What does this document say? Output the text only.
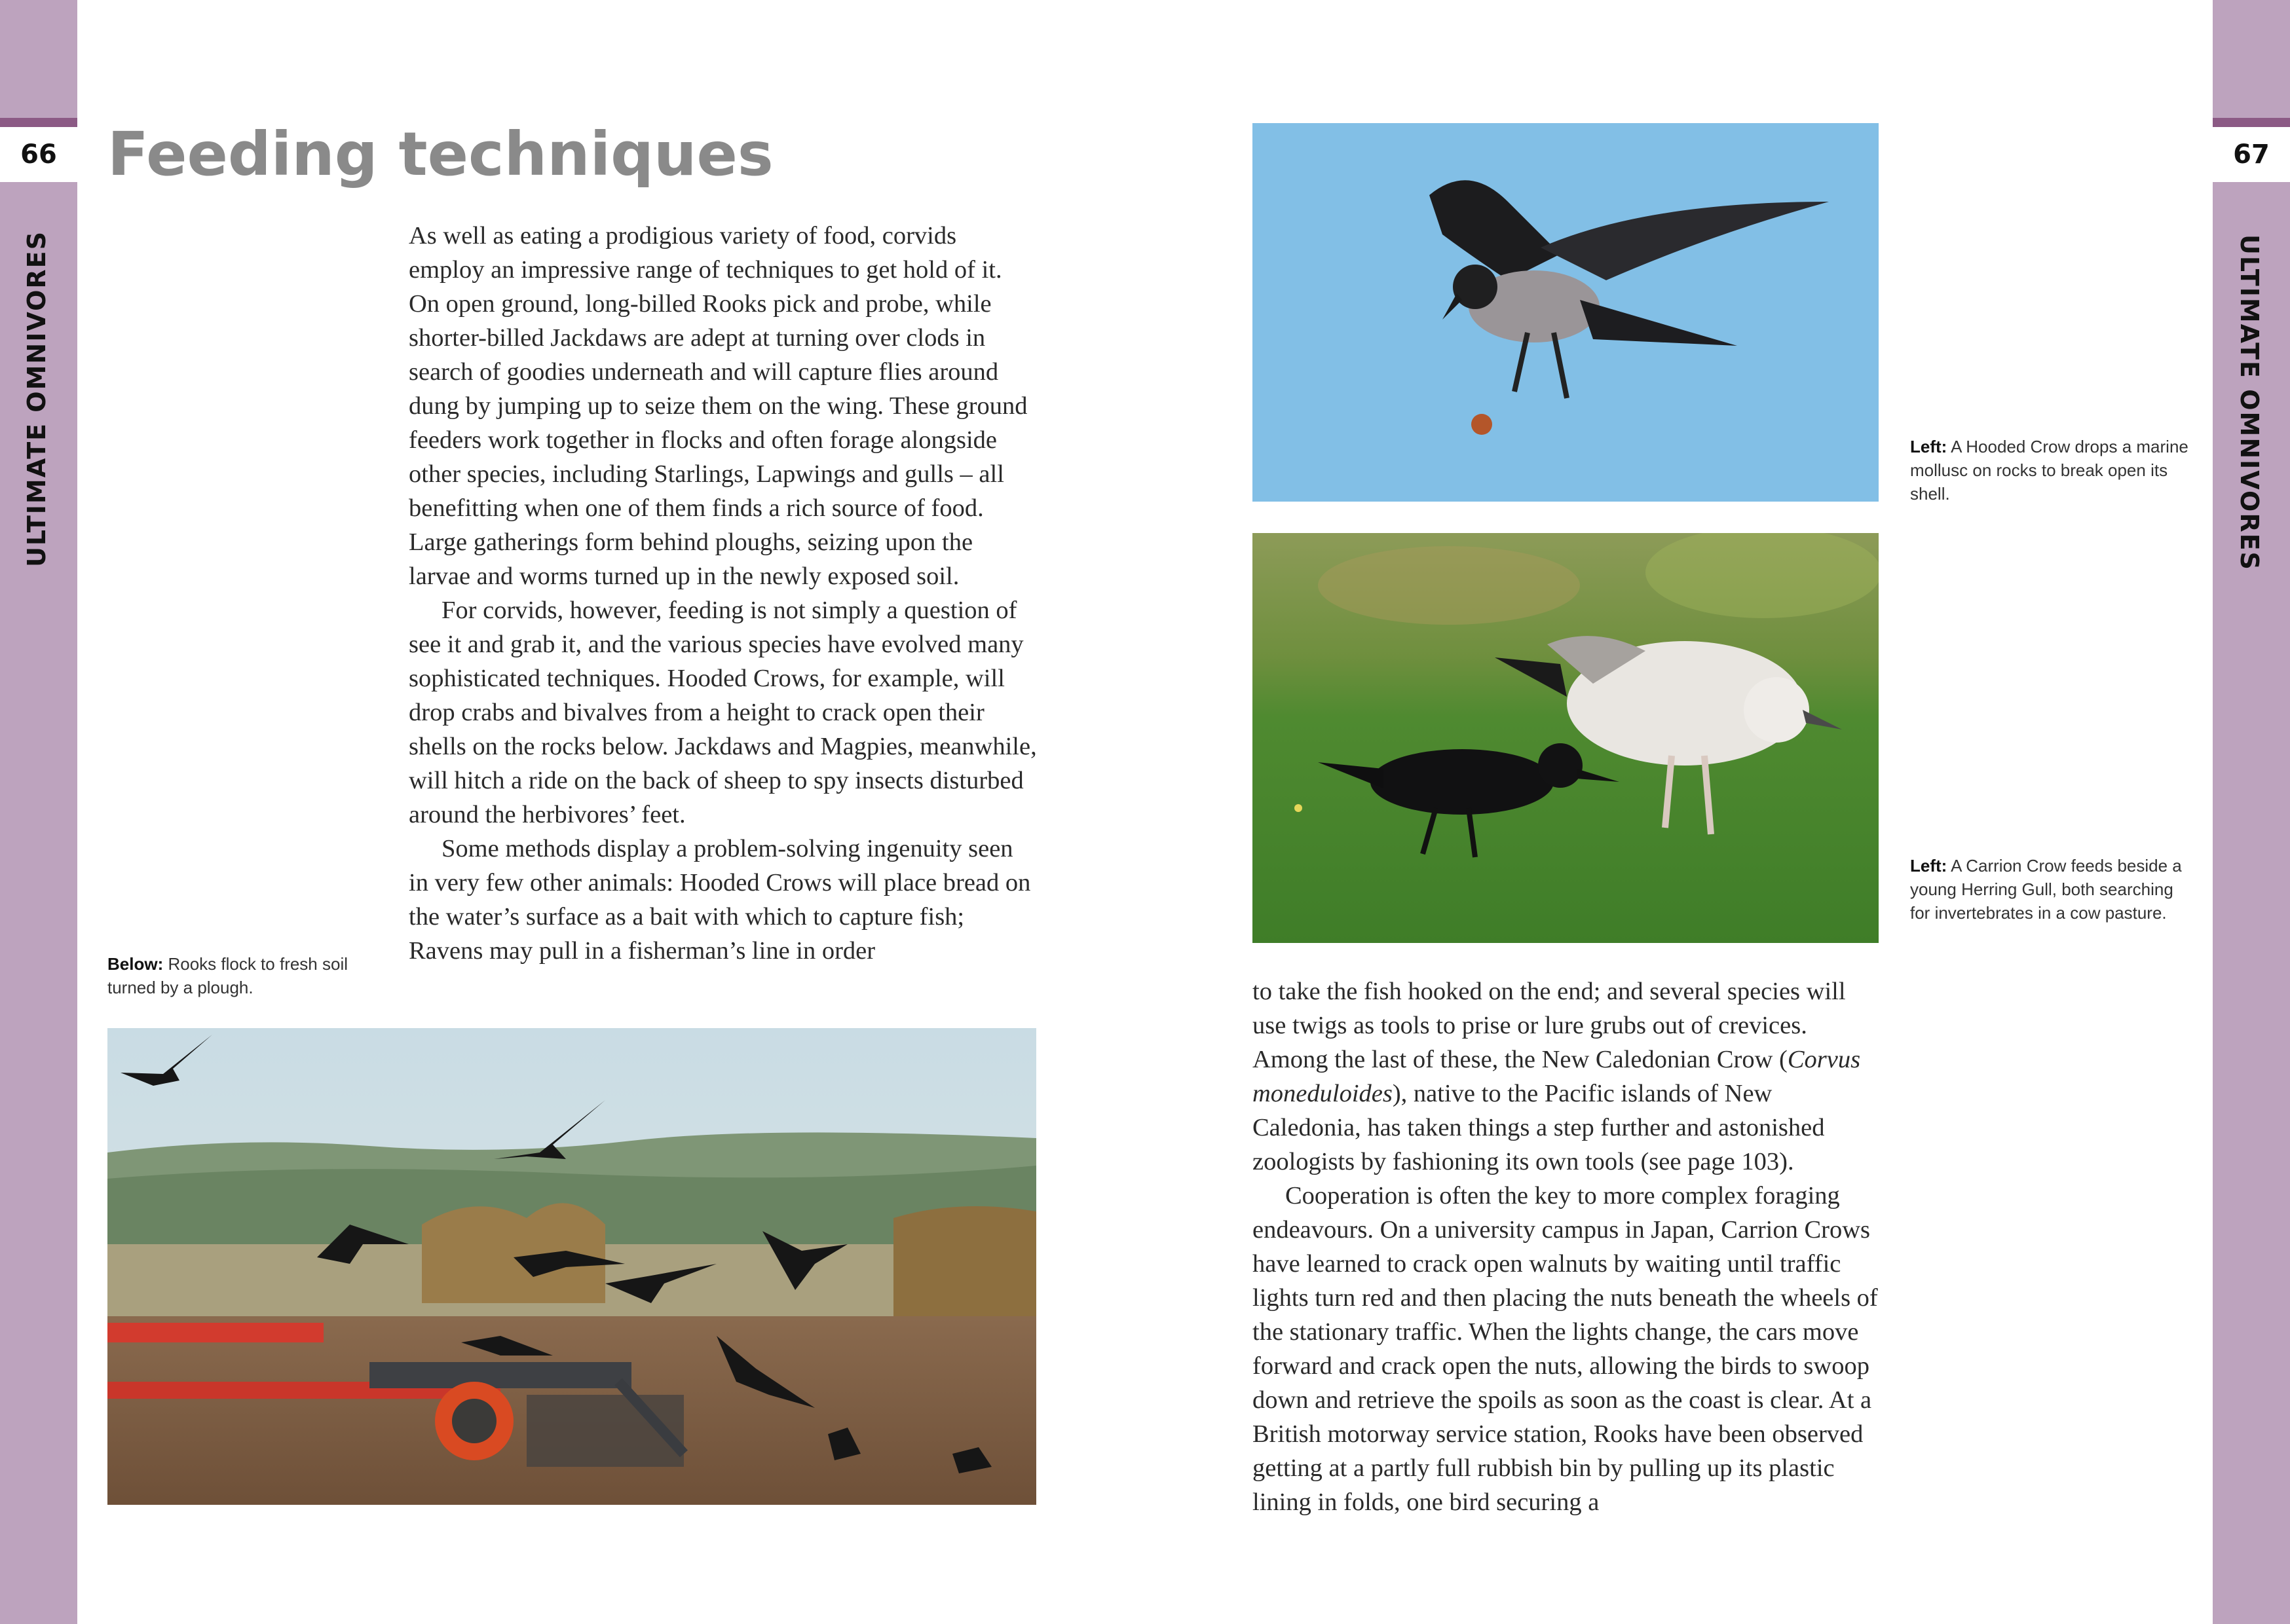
66
ULTIMATE OMNIVORES
67
ULTIMATE OMNIVORES
Feeding techniques

As well as eating a prodigious variety of food, corvids employ an impressive range of techniques to get hold of it. On open ground, long-billed Rooks pick and probe, while shorter-billed Jackdaws are adept at turning over clods in search of goodies underneath and will capture flies around dung by jumping up to seize them on the wing. These ground feeders work together in flocks and often forage alongside other species, including Starlings, Lapwings and gulls – all benefitting when one of them finds a rich source of food. Large gatherings form behind ploughs, seizing upon the larvae and worms turned up in the newly exposed soil.

For corvids, however, feeding is not simply a question of see it and grab it, and the various species have evolved many sophisticated techniques. Hooded Crows, for example, will drop crabs and bivalves from a height to crack open their shells on the rocks below. Jackdaws and Magpies, meanwhile, will hitch a ride on the back of sheep to spy insects disturbed around the herbivores’ feet.

Some methods display a problem-solving ingenuity seen in very few other animals: Hooded Crows will place bread on the water’s surface as a bait with which to capture fish; Ravens may pull in a fisherman’s line in order

Below: Rooks flock to fresh soil turned by a plough.
Left: A Hooded Crow drops a marine mollusc on rocks to break open its shell.
Left: A Carrion Crow feeds beside a young Herring Gull, both searching for invertebrates in a cow pasture.

to take the fish hooked on the end; and several species will use twigs as tools to prise or lure grubs out of crevices. Among the last of these, the New Caledonian Crow (Corvus moneduloides), native to the Pacific islands of New Caledonia, has taken things a step further and astonished zoologists by fashioning its own tools (see page 103).

Cooperation is often the key to more complex foraging endeavours. On a university campus in Japan, Carrion Crows have learned to crack open walnuts by waiting until traffic lights turn red and then placing the nuts beneath the wheels of the stationary traffic. When the lights change, the cars move forward and crack open the nuts, allowing the birds to swoop down and retrieve the spoils as soon as the coast is clear. At a British motorway service station, Rooks have been observed getting at a partly full rubbish bin by pulling up its plastic lining in folds, one bird securing a
